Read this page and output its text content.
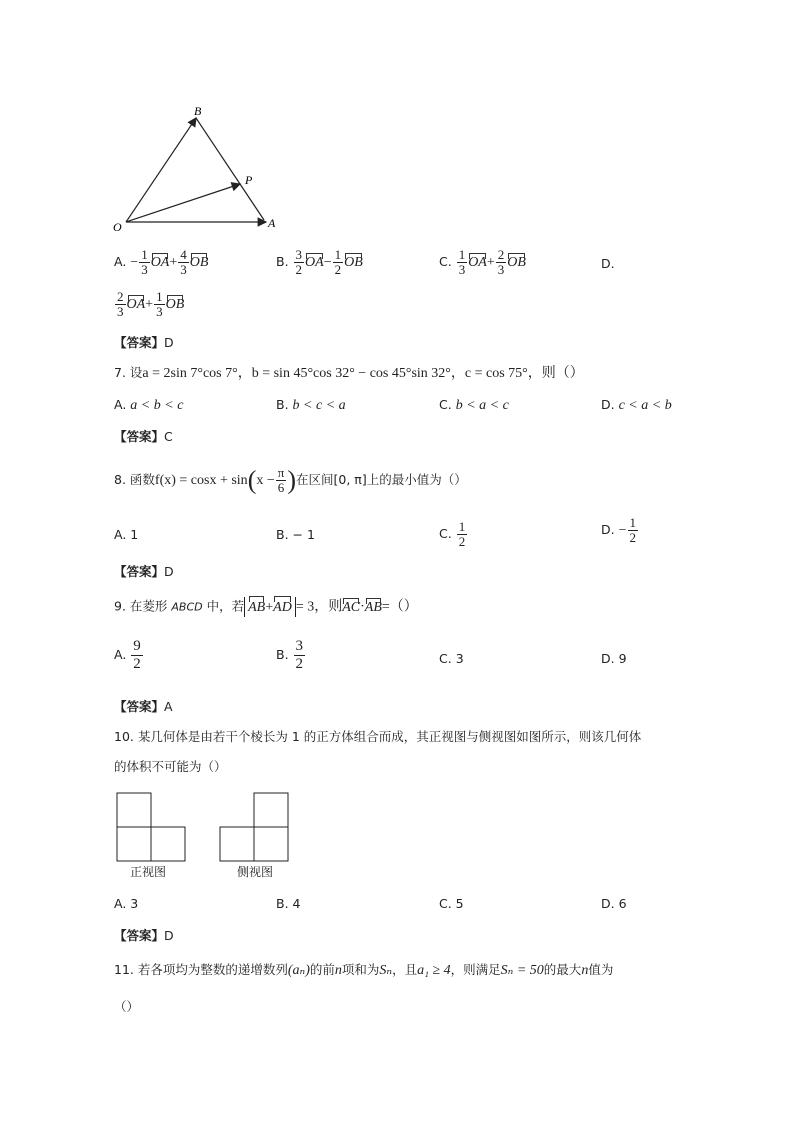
B
P
O	A
A. − $\frac{1}{3} OA+ \frac{4}{3}$ OB	B. $\frac{3}{2} OA- \frac{1}{2}$ OB	C. $\frac{1}{3} OA+ \frac{2}{3}$ OB	D.
$\frac{2}{3} OA+ \frac{1}{3}$ OB
【答案】D
7. 设a = 2sin 7°cos 7°，b = sin 45°cos 32° − cos 45°sin 32°，c = cos 75°，则（）
A. a < b < c	B. b < c < a	C. b < a < c	D. c < a < b
【答案】C
8. 函数$f(x) = \cos x + \sin(x - \frac{\pi}{6}$ )在区间[0, π]上的最小值为（）
A. 1	B. − 1	C. $\frac{1}{2}$	D. − $\frac{1}{2}$
【答案】D
9. 在菱形 ABCD 中，若 AB+AD = 3，则AC·AB=（）
A. $\frac{9}{2}$	B. $\frac{3}{2}$	C. 3	D. 9
【答案】A
10. 某几何体是由若干个棱长为 1 的正方体组合而成，其正视图与侧视图如图所示，则该几何体
的体积不可能为（）
正视图	侧视图
A. 3	B. 4	C. 5	D. 6
【答案】D
11. 若各项均为整数的递增数列(aₙ)的前n项和为Sₙ，且a₁ ≥ 4，则满足Sₙ = 50的最大n值为
（）
